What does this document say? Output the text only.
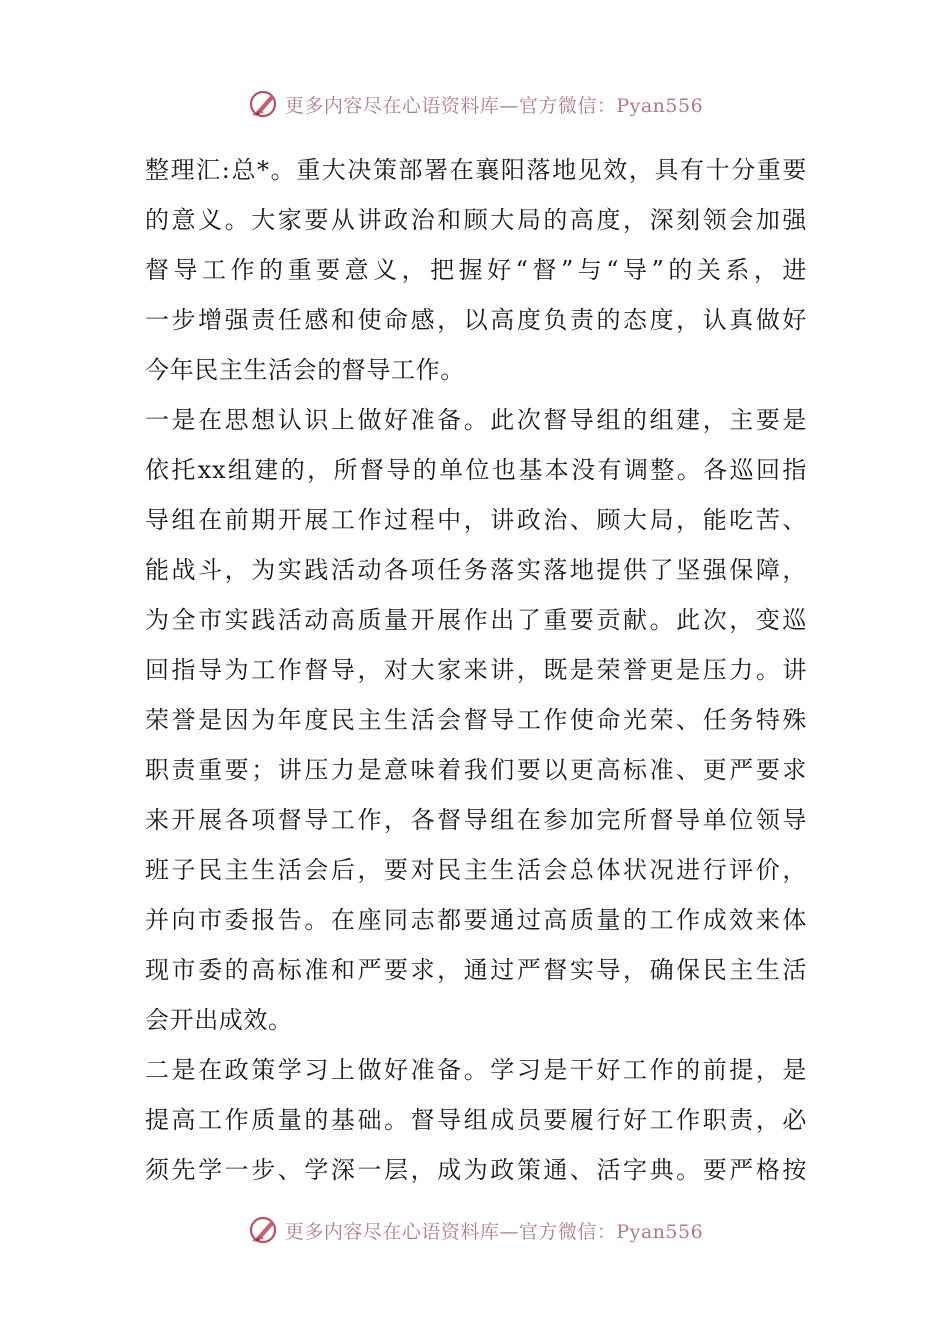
更多内容尽在心语资料库—官方微信：Pyan556
整理汇:总*。重大决策部署在襄阳落地见效，具有十分重要
的意义。大家要从讲政治和顾大局的高度，深刻领会加强
督导工作的重要意义，把握好“督”与“导”的关系，进
一步增强责任感和使命感，以高度负责的态度，认真做好
今年民主生活会的督导工作。
一是在思想认识上做好准备。此次督导组的组建，主要是
依托xx组建的，所督导的单位也基本没有调整。各巡回指
导组在前期开展工作过程中，讲政治、顾大局，能吃苦、
能战斗，为实践活动各项任务落实落地提供了坚强保障，
为全市实践活动高质量开展作出了重要贡献。此次，变巡
回指导为工作督导，对大家来讲，既是荣誉更是压力。讲
荣誉是因为年度民主生活会督导工作使命光荣、任务特殊
职责重要；讲压力是意味着我们要以更高标准、更严要求
来开展各项督导工作，各督导组在参加完所督导单位领导
班子民主生活会后，要对民主生活会总体状况进行评价，
并向市委报告。在座同志都要通过高质量的工作成效来体
现市委的高标准和严要求，通过严督实导，确保民主生活
会开出成效。
二是在政策学习上做好准备。学习是干好工作的前提，是
提高工作质量的基础。督导组成员要履行好工作职责，必
须先学一步、学深一层，成为政策通、活字典。要严格按
更多内容尽在心语资料库—官方微信：Pyan556
